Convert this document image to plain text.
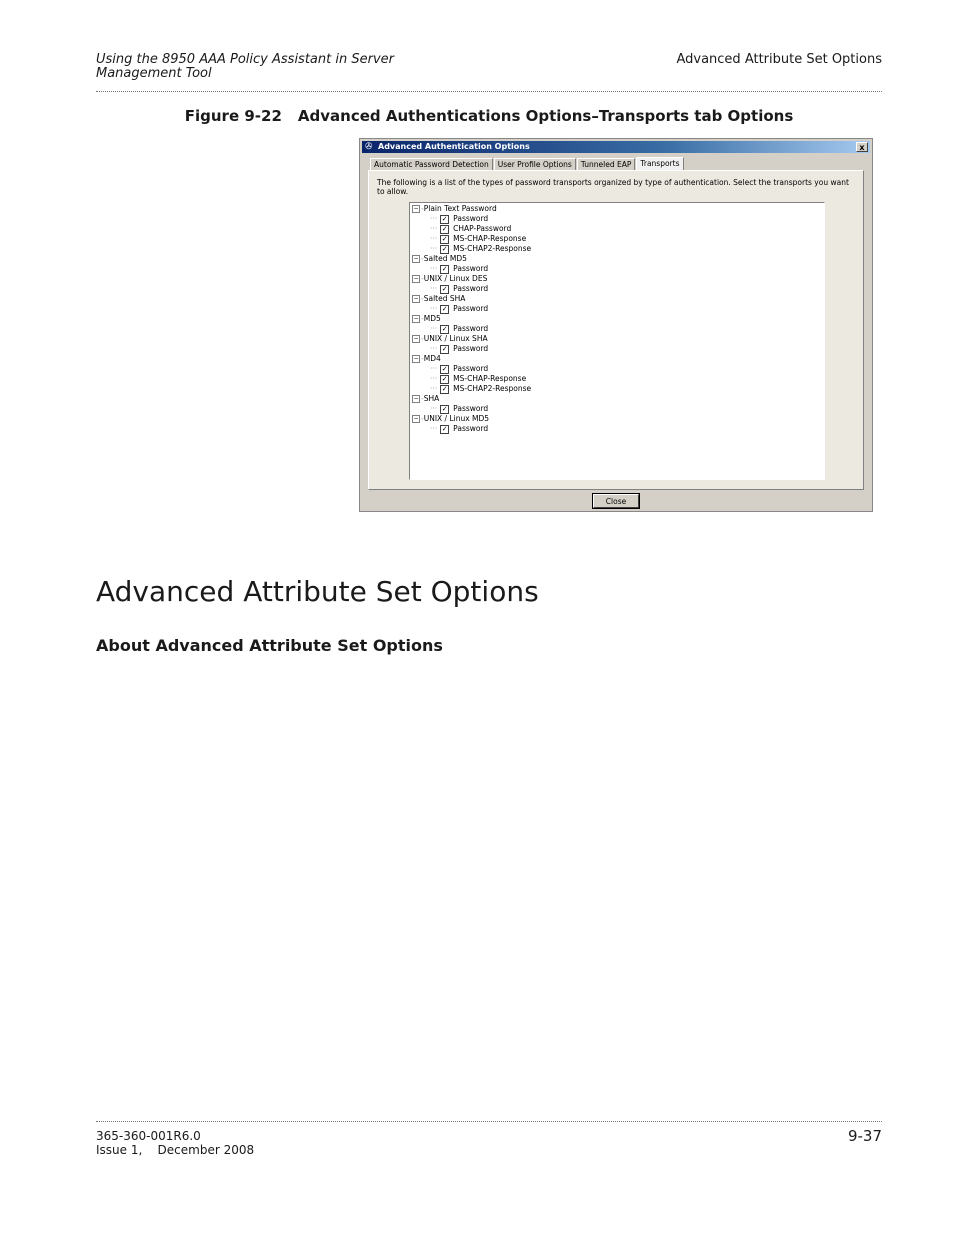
Using the 8950 AAA Policy Assistant in Server
Management Tool
Advanced Attribute Set Options
Figure 9-22 Advanced Authentications Options–Transports tab Options
✇ Advanced Authentication Options	x
Automatic Password Detection	User Profile Options	Tunneled EAP	Transports
The following is a list of the types of password transports organized by type of authentication. Select the transports you want to allow.
− -Plain Text Password
··· ✓ Password
··· ✓ CHAP-Password
··· ✓ MS-CHAP-Response
··· ✓ MS-CHAP2-Response
− -Salted MD5
··· ✓ Password
− -UNIX / Linux DES
··· ✓ Password
− -Salted SHA
··· ✓ Password
− -MD5
··· ✓ Password
− -UNIX / Linux SHA
··· ✓ Password
− -MD4
··· ✓ Password
··· ✓ MS-CHAP-Response
··· ✓ MS-CHAP2-Response
− -SHA
··· ✓ Password
− -UNIX / Linux MD5
··· ✓ Password
Close
Advanced Attribute Set Options
About Advanced Attribute Set Options
365-360-001R6.0
Issue 1,    December 2008
9-37
